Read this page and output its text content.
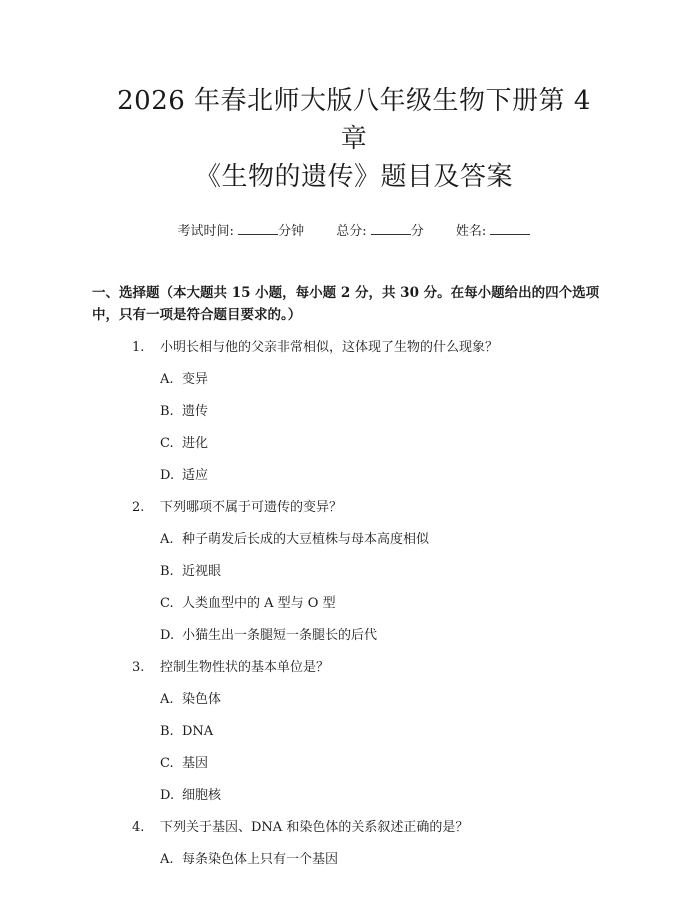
2026 年春北师大版八年级生物下册第 4 章
《生物的遗传》题目及答案
考试时间:	分钟 总分:	分 姓名:
一、选择题（本大题共 15 小题，每小题 2 分，共 30 分。在每小题给出的四个选项中，只有一项是符合题目要求的。）
1. 小明长相与他的父亲非常相似，这体现了生物的什么现象？
A. 变异
B. 遗传
C. 进化
D. 适应
2. 下列哪项不属于可遗传的变异？
A. 种子萌发后长成的大豆植株与母本高度相似
B. 近视眼
C. 人类血型中的 A 型与 O 型
D. 小猫生出一条腿短一条腿长的后代
3. 控制生物性状的基本单位是？
A. 染色体
B. DNA
C. 基因
D. 细胞核
4. 下列关于基因、DNA 和染色体的关系叙述正确的是？
A. 每条染色体上只有一个基因
